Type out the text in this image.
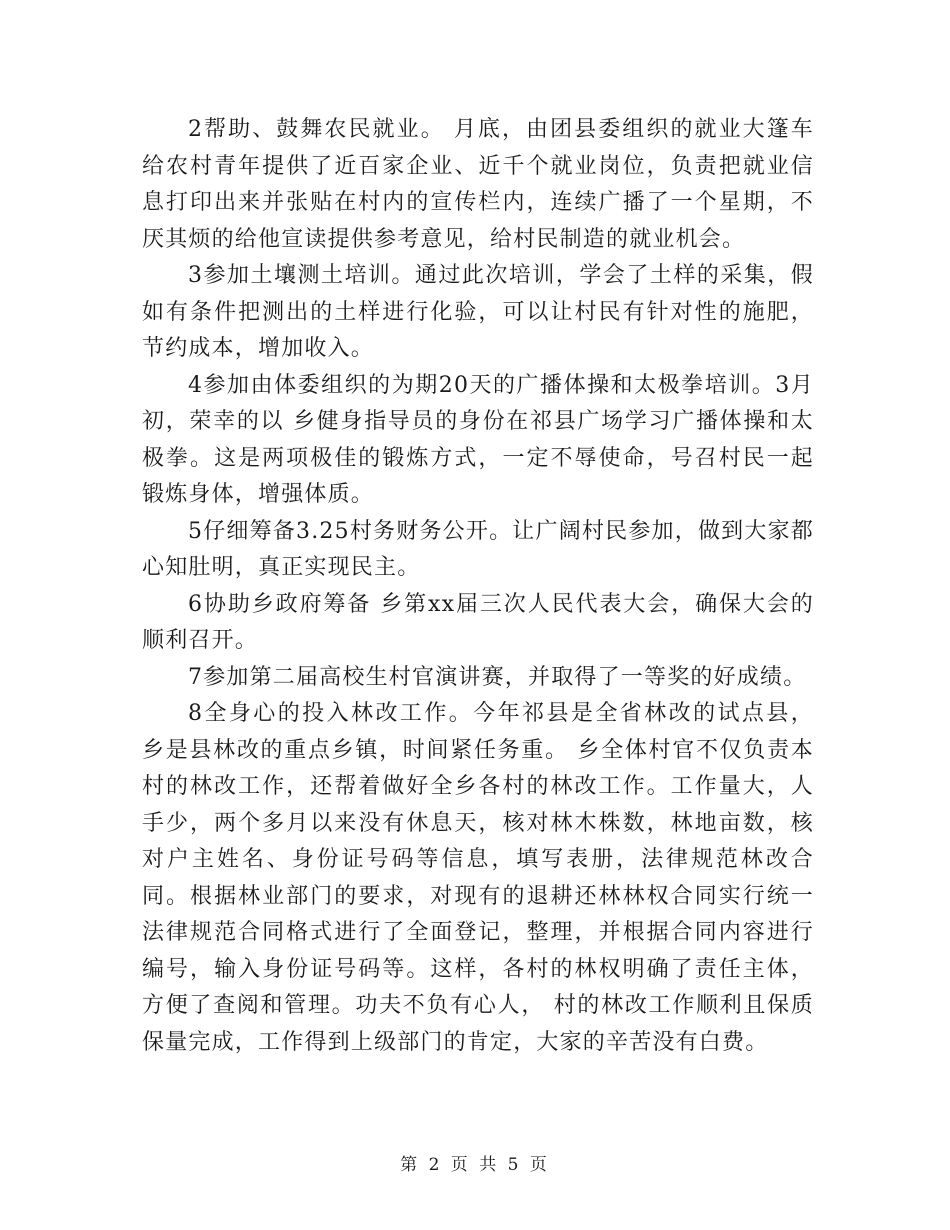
2帮助、鼓舞农民就业。 月底，由团县委组织的就业大篷车给农村青年提供了近百家企业、近千个就业岗位，负责把就业信息打印出来并张贴在村内的宣传栏内，连续广播了一个星期，不厌其烦的给他宣读提供参考意见，给村民制造的就业机会。

3参加土壤测土培训。通过此次培训，学会了土样的采集，假如有条件把测出的土样进行化验，可以让村民有针对性的施肥，节约成本，增加收入。

4参加由体委组织的为期20天的广播体操和太极拳培训。3月初，荣幸的以 乡健身指导员的身份在祁县广场学习广播体操和太极拳。这是两项极佳的锻炼方式，一定不辱使命，号召村民一起锻炼身体，增强体质。

5仔细筹备3.25村务财务公开。让广阔村民参加，做到大家都心知肚明，真正实现民主。

6协助乡政府筹备 乡第xx届三次人民代表大会，确保大会的顺利召开。

7参加第二届高校生村官演讲赛，并取得了一等奖的好成绩。

8全身心的投入林改工作。今年祁县是全省林改的试点县， 乡是县林改的重点乡镇，时间紧任务重。 乡全体村官不仅负责本村的林改工作，还帮着做好全乡各村的林改工作。工作量大，人手少，两个多月以来没有休息天，核对林木株数，林地亩数，核对户主姓名、身份证号码等信息，填写表册，法律规范林改合同。根据林业部门的要求，对现有的退耕还林林权合同实行统一法律规范合同格式进行了全面登记，整理，并根据合同内容进行编号，输入身份证号码等。这样，各村的林权明确了责任主体，方便了查阅和管理。功夫不负有心人， 村的林改工作顺利且保质保量完成，工作得到上级部门的肯定，大家的辛苦没有白费。

第 2 页 共 5 页
